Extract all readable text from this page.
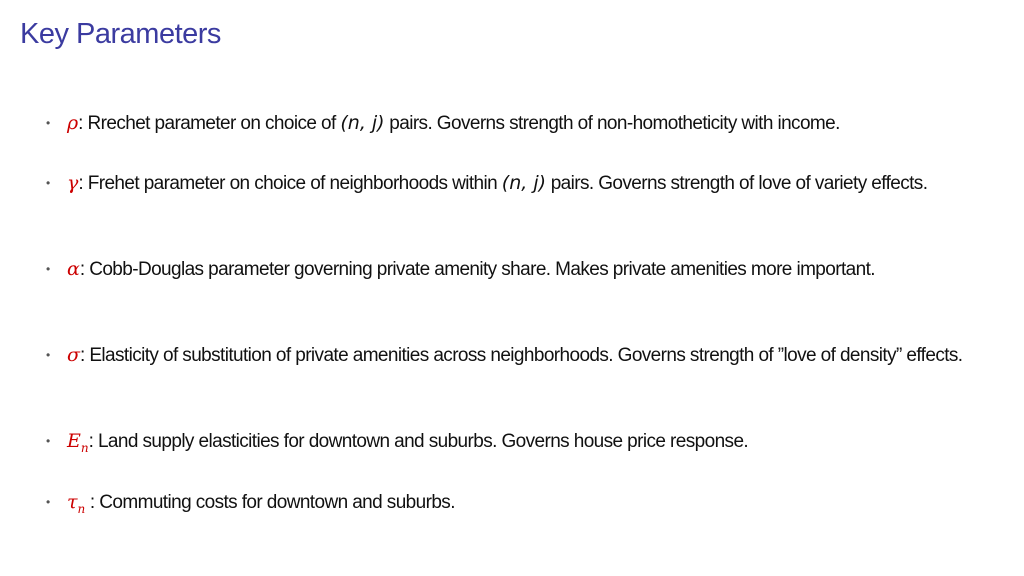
Key Parameters
• ρ: Rrechet parameter on choice of (n, j) pairs. Governs strength of non-homotheticity with income.
• γ: Frehet parameter on choice of neighborhoods within (n, j) pairs. Governs strength of love of variety effects.
• α: Cobb-Douglas parameter governing private amenity share. Makes private amenities more important.
• σ: Elasticity of substitution of private amenities across neighborhoods. Governs strength of ”love of density” effects.
• $E_n$: Land supply elasticities for downtown and suburbs. Governs house price response.
• $\tau_n$ : Commuting costs for downtown and suburbs.
